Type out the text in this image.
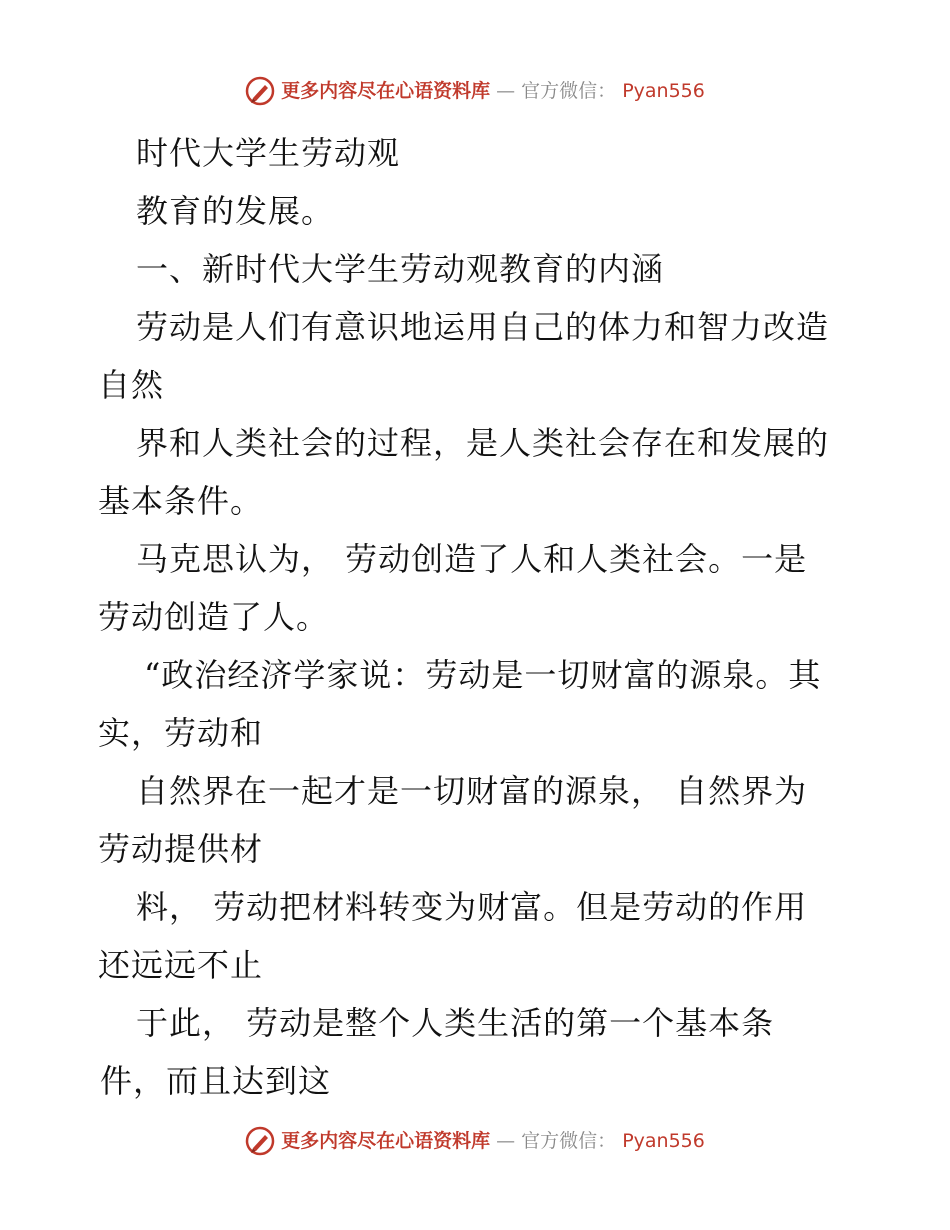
更多内容尽在心语资料库 — 官方微信： Pyan556
时代大学生劳动观
教育的发展。
一、新时代大学生劳动观教育的内涵
劳动是人们有意识地运用自己的体力和智力改造
自然
界和人类社会的过程，是人类社会存在和发展的
基本条件。
马克思认为， 劳动创造了人和人类社会。一是
劳动创造了人。
“政治经济学家说：劳动是一切财富的源泉。其
实，劳动和
自然界在一起才是一切财富的源泉， 自然界为
劳动提供材
料， 劳动把材料转变为财富。但是劳动的作用
还远远不止
于此， 劳动是整个人类生活的第一个基本条
件，而且达到这
更多内容尽在心语资料库 — 官方微信： Pyan556
